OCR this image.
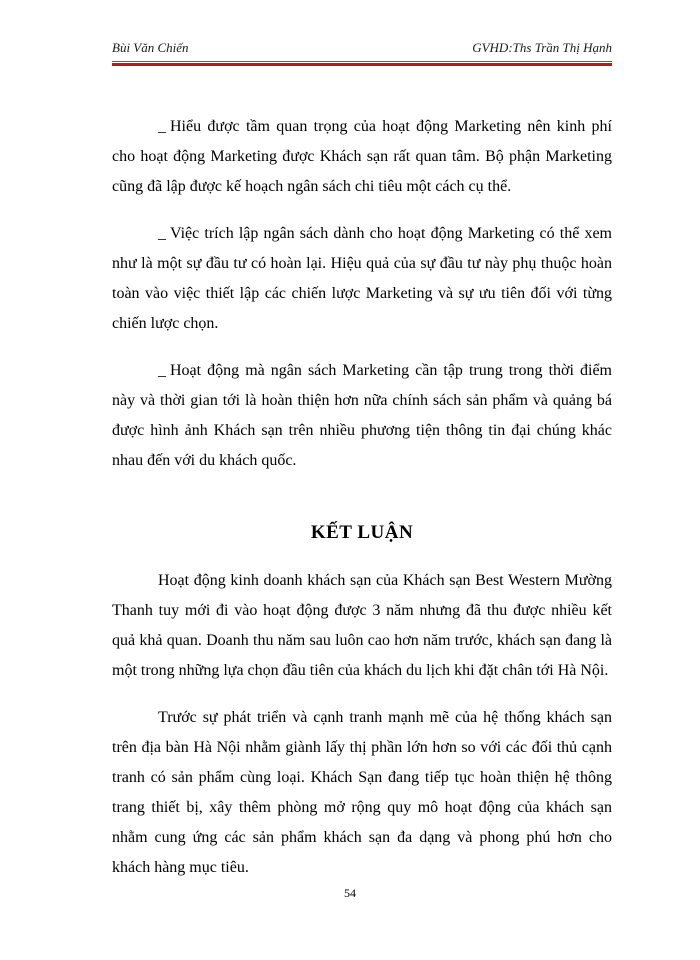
Bùi Văn Chiến	GVHD:Ths Trần Thị Hạnh

_ Hiểu được tầm quan trọng của hoạt động Marketing nên kinh phí cho hoạt động Marketing được Khách sạn rất quan tâm. Bộ phận Marketing cũng đã lập được kế hoạch ngân sách chi tiêu một cách cụ thể.

_ Việc trích lập ngân sách dành cho hoạt động Marketing có thể xem như là một sự đầu tư có hoàn lại. Hiệu quả của sự đầu tư này phụ thuộc hoàn toàn vào việc thiết lập các chiến lược Marketing và sự ưu tiên đối với từng chiến lược chọn.

_ Hoạt động mà ngân sách Marketing cần tập trung trong thời điểm này và thời gian tới là hoàn thiện hơn nữa chính sách sản phẩm và quảng bá được hình ảnh Khách sạn trên nhiều phương tiện thông tin đại chúng khác nhau đến với du khách quốc.

KẾT LUẬN

Hoạt động kinh doanh khách sạn của Khách sạn Best Western Mường Thanh tuy mới đi vào hoạt động được 3 năm nhưng đã thu được nhiều kết quả khả quan. Doanh thu năm sau luôn cao hơn năm trước, khách sạn đang là một trong những lựa chọn đầu tiên của khách du lịch khi đặt chân tới Hà Nội.

Trước sự phát triển và cạnh tranh mạnh mẽ của hệ thống khách sạn trên địa bàn Hà Nội nhằm giành lấy thị phần lớn hơn so với các đối thủ cạnh tranh có sản phẩm cùng loại. Khách Sạn đang tiếp tục hoàn thiện hệ thông trang thiết bị, xây thêm phòng mở rộng quy mô hoạt động của khách sạn nhằm cung ứng các sản phẩm khách sạn đa dạng và phong phú hơn cho khách hàng mục tiêu.

54
